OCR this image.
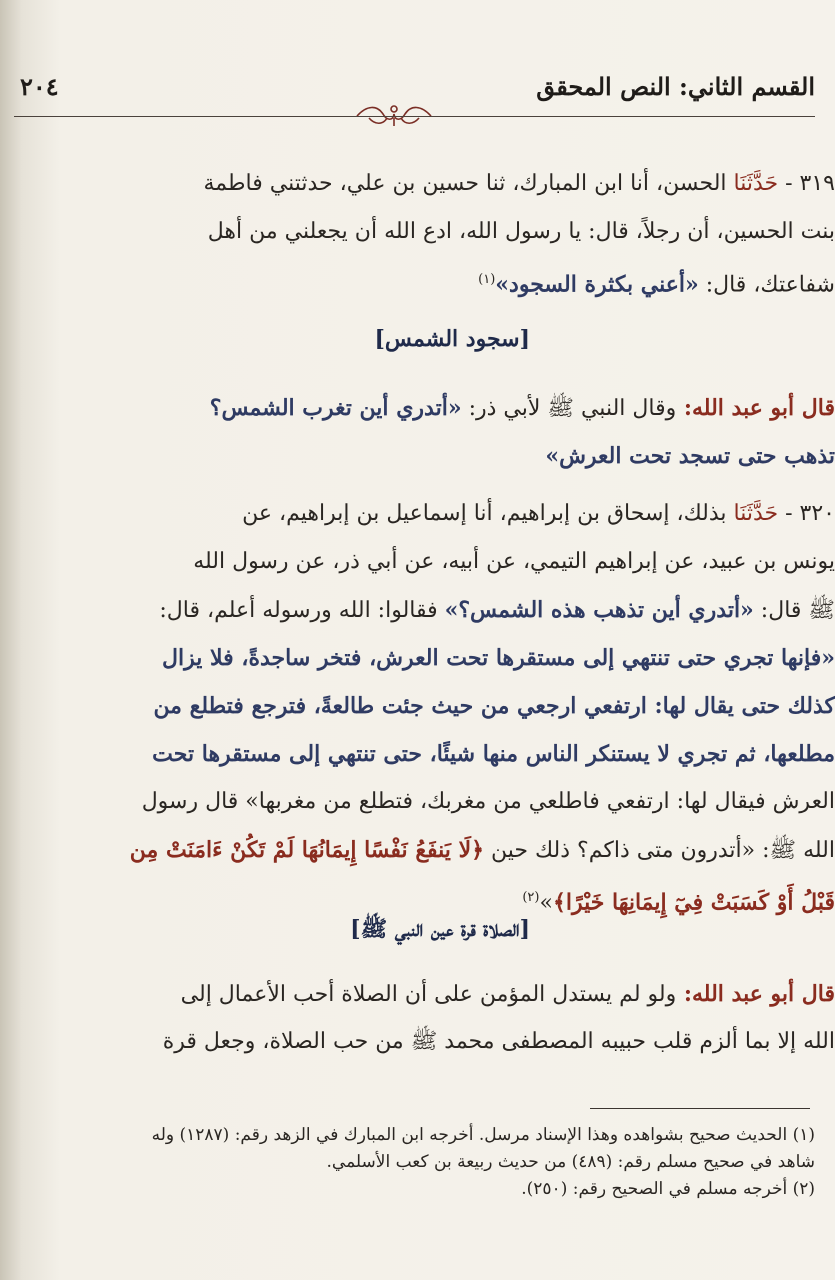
القسم الثاني: النص المحقق
٢٠٤
٣١٩ - حَدَّثَنَا الحسن، أنا ابن المبارك، ثنا حسين بن علي، حدثتني فاطمة
بنت الحسين، أن رجلاً، قال: يا رسول الله، ادع الله أن يجعلني من أهل
شفاعتك، قال: «أعني بكثرة السجود»$^{(١)}$
[سجود الشمس]
قال أبو عبد الله: وقال النبي ﷺ لأبي ذر: «أتدري أين تغرب الشمس؟
تذهب حتى تسجد تحت العرش»
٣٢٠ - حَدَّثَنَا بذلك، إسحاق بن إبراهيم، أنا إسماعيل بن إبراهيم، عن
يونس بن عبيد، عن إبراهيم التيمي، عن أبيه، عن أبي ذر، عن رسول الله
ﷺ قال: «أتدري أين تذهب هذه الشمس؟» فقالوا: الله ورسوله أعلم، قال:
«فإنها تجري حتى تنتهي إلى مستقرها تحت العرش، فتخر ساجدةً، فلا يزال
كذلك حتى يقال لها: ارتفعي ارجعي من حيث جئت طالعةً، فترجع فتطلع من
مطلعها، ثم تجري لا يستنكر الناس منها شيئًا، حتى تنتهي إلى مستقرها تحت
العرش فيقال لها: ارتفعي فاطلعي من مغربك، فتطلع من مغربها» قال رسول
الله ﷺ: «أتدرون متى ذاكم؟ ذلك حين ﴿لَا يَنفَعُ نَفْسًا إِيمَانُهَا لَمْ تَكُنْ ءَامَنَتْ مِن
قَبْلُ أَوْ كَسَبَتْ فِيٓ إِيمَانِهَا خَيْرًا﴾»$^{(٢)}$
[الصلاة قرة عين النبي ﷺ]
قال أبو عبد الله: ولو لم يستدل المؤمن على أن الصلاة أحب الأعمال إلى
الله إلا بما ألزم قلب حبيبه المصطفى محمد ﷺ من حب الصلاة، وجعل قرة
(١) الحديث صحيح بشواهده وهذا الإسناد مرسل. أخرجه ابن المبارك في الزهد رقم: (١٢٨٧) وله
شاهد في صحيح مسلم رقم: (٤٨٩) من حديث ربيعة بن كعب الأسلمي.
(٢) أخرجه مسلم في الصحيح رقم: (٢٥٠).
